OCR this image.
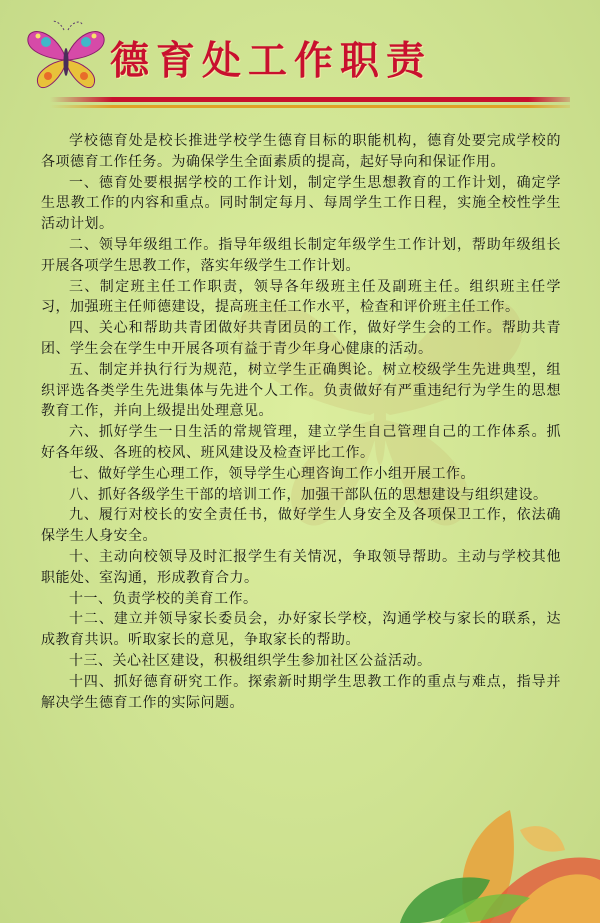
德育处工作职责

学校德育处是校长推进学校学生德育目标的职能机构，德育处要完成学校的各项德育工作任务。为确保学生全面素质的提高，起好导向和保证作用。

一、德育处要根据学校的工作计划，制定学生思想教育的工作计划，确定学生思教工作的内容和重点。同时制定每月、每周学生工作日程，实施全校性学生活动计划。

二、领导年级组工作。指导年级组长制定年级学生工作计划，帮助年级组长开展各项学生思教工作，落实年级学生工作计划。

三、制定班主任工作职责，领导各年级班主任及副班主任。组织班主任学习，加强班主任师德建设，提高班主任工作水平，检查和评价班主任工作。

四、关心和帮助共青团做好共青团员的工作，做好学生会的工作。帮助共青团、学生会在学生中开展各项有益于青少年身心健康的活动。

五、制定并执行行为规范，树立学生正确舆论。树立校级学生先进典型，组织评选各类学生先进集体与先进个人工作。负责做好有严重违纪行为学生的思想教育工作，并向上级提出处理意见。

六、抓好学生一日生活的常规管理，建立学生自己管理自己的工作体系。抓好各年级、各班的校风、班风建设及检查评比工作。

七、做好学生心理工作，领导学生心理咨询工作小组开展工作。

八、抓好各级学生干部的培训工作，加强干部队伍的思想建设与组织建设。

九、履行对校长的安全责任书，做好学生人身安全及各项保卫工作，依法确保学生人身安全。

十、主动向校领导及时汇报学生有关情况，争取领导帮助。主动与学校其他职能处、室沟通，形成教育合力。

十一、负责学校的美育工作。

十二、建立并领导家长委员会，办好家长学校，沟通学校与家长的联系，达成教育共识。听取家长的意见，争取家长的帮助。

十三、关心社区建设，积极组织学生参加社区公益活动。

十四、抓好德育研究工作。探索新时期学生思教工作的重点与难点，指导并解决学生德育工作的实际问题。
